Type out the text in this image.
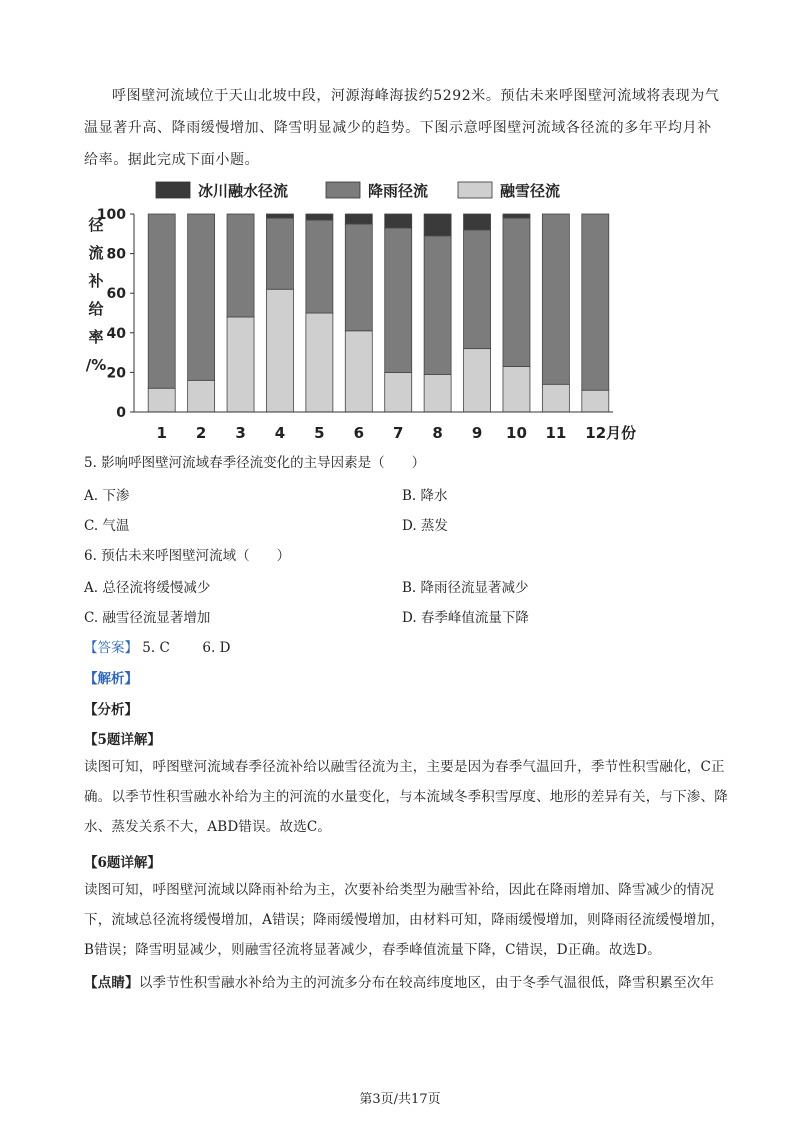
呼图壁河流域位于天山北坡中段，河源海峰海拔约5292米。预估未来呼图壁河流域将表现为气温显著升高、降雨缓慢增加、降雪明显减少的趋势。下图示意呼图壁河流域各径流的多年平均月补给率。据此完成下面小题。

冰川融水径流	降雨径流	融雪径流
径
流
补
给
率
/%
0
20
40
60
80
100
1 2 3 4 5 6 7 8 9 10 11 12月份
5. 影响呼图壁河流域春季径流变化的主导因素是（　　）
A. 下渗	B. 降水
C. 气温	D. 蒸发
6. 预估未来呼图壁河流域（　　）
A. 总径流将缓慢减少	B. 降雨径流显著减少
C. 融雪径流显著增加	D. 春季峰值流量下降
【答案】 5. C 6. D
【解析】
【分析】
【5题详解】

读图可知，呼图壁河流域春季径流补给以融雪径流为主，主要是因为春季气温回升，季节性积雪融化，C正确。以季节性积雪融水补给为主的河流的水量变化，与本流域冬季积雪厚度、地形的差异有关，与下渗、降水、蒸发关系不大，ABD错误。故选C。

【6题详解】

读图可知，呼图壁河流域以降雨补给为主，次要补给类型为融雪补给，因此在降雨增加、降雪减少的情况下，流域总径流将缓慢增加，A错误；降雨缓慢增加，由材料可知，降雨缓慢增加，则降雨径流缓慢增加，B错误；降雪明显减少，则融雪径流将显著减少，春季峰值流量下降，C错误，D正确。故选D。

【点睛】以季节性积雪融水补给为主的河流多分布在较高纬度地区，由于冬季气温很低，降雪积累至次年

第3页/共17页
